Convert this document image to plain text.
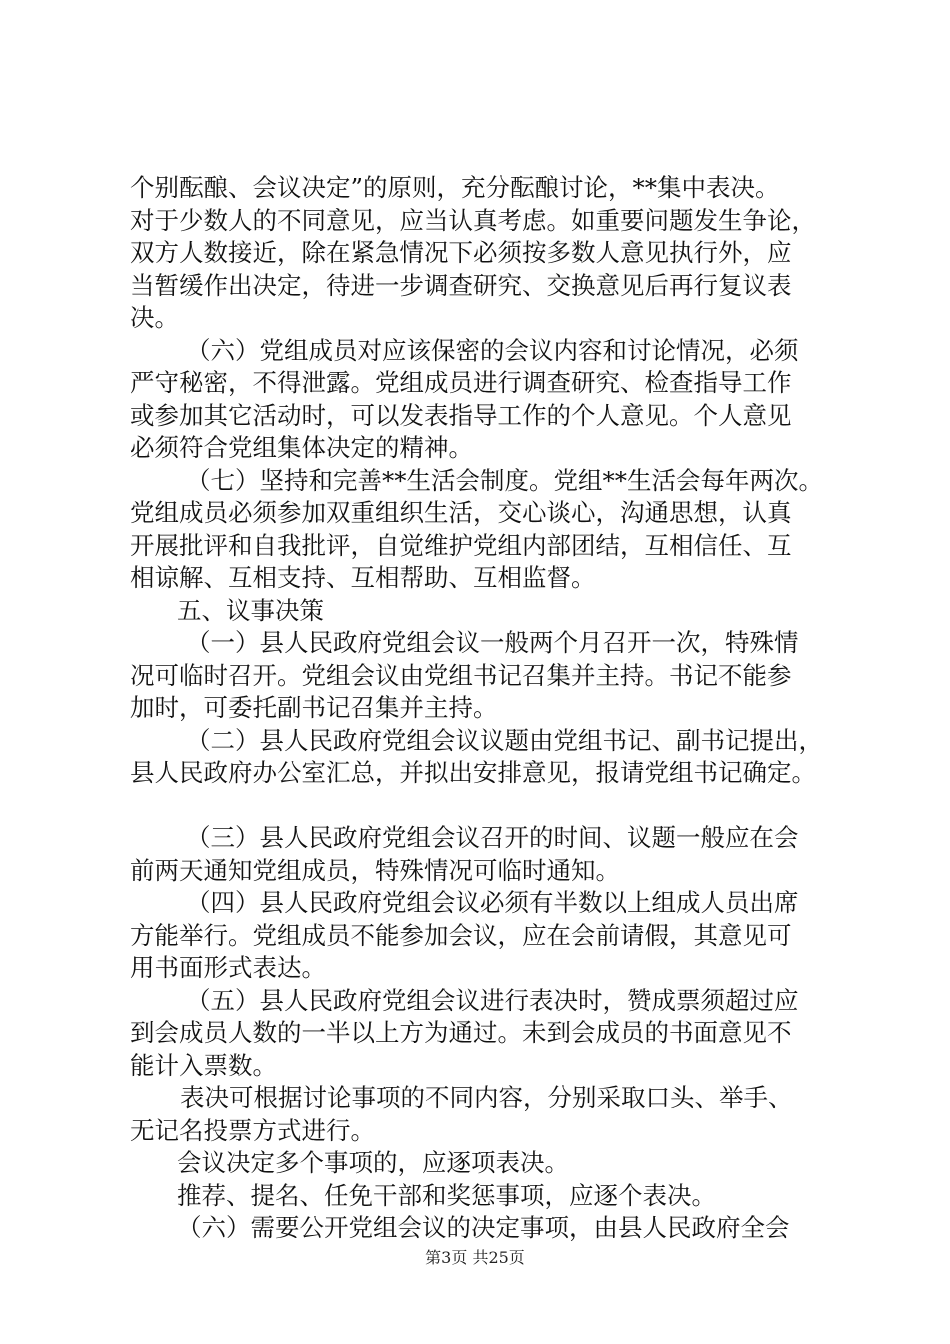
个别酝酿、会议决定”的原则，充分酝酿讨论，**集中表决。

对于少数人的不同意见，应当认真考虑。如重要问题发生争论，

双方人数接近，除在紧急情况下必须按多数人意见执行外，应

当暂缓作出决定，待进一步调查研究、交换意见后再行复议表

决。

（六）党组成员对应该保密的会议内容和讨论情况，必须

严守秘密，不得泄露。党组成员进行调查研究、检查指导工作

或参加其它活动时，可以发表指导工作的个人意见。个人意见

必须符合党组集体决定的精神。

（七）坚持和完善**生活会制度。党组**生活会每年两次。

党组成员必须参加双重组织生活，交心谈心，沟通思想，认真

开展批评和自我批评，自觉维护党组内部团结，互相信任、互

相谅解、互相支持、互相帮助、互相监督。

五、议事决策

（一）县人民政府党组会议一般两个月召开一次，特殊情

况可临时召开。党组会议由党组书记召集并主持。书记不能参

加时，可委托副书记召集并主持。

（二）县人民政府党组会议议题由党组书记、副书记提出，

县人民政府办公室汇总，并拟出安排意见，报请党组书记确定。

（三）县人民政府党组会议召开的时间、议题一般应在会

前两天通知党组成员，特殊情况可临时通知。

（四）县人民政府党组会议必须有半数以上组成人员出席

方能举行。党组成员不能参加会议，应在会前请假，其意见可

用书面形式表达。

（五）县人民政府党组会议进行表决时，赞成票须超过应

到会成员人数的一半以上方为通过。未到会成员的书面意见不

能计入票数。

表决可根据讨论事项的不同内容，分别采取口头、举手、

无记名投票方式进行。

会议决定多个事项的，应逐项表决。

推荐、提名、任免干部和奖惩事项，应逐个表决。

（六）需要公开党组会议的决定事项，由县人民政府全会

第3页 共25页
